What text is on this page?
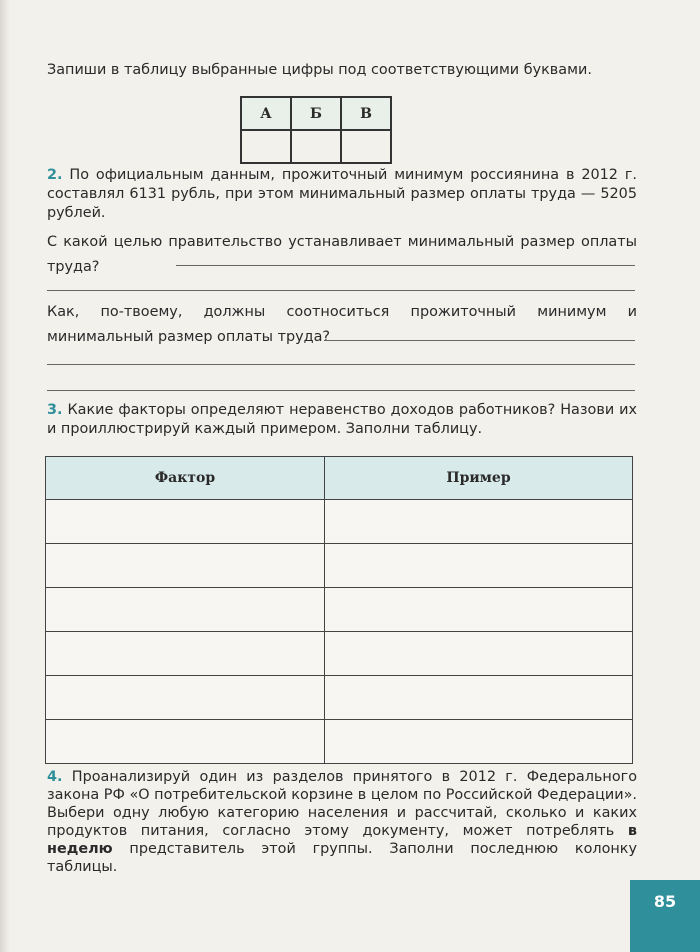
Запиши в таблицу выбранные цифры под соответствующими буквами.
А	Б	В

2. По официальным данным, прожиточный минимум россиянина в 2012 г. составлял 6131 рубль, при этом минимальный размер оплаты труда — 5205 рублей.
С какой целью правительство устанавливает минимальный размер оплаты труда?
Как, по-твоему, должны соотноситься прожиточный минимум и минимальный размер оплаты труда?
3. Какие факторы определяют неравенство доходов работников? Назови их и проиллюстрируй каждый примером. Заполни таблицу.
Фактор	Пример

4. Проанализируй один из разделов принятого в 2012 г. Федерального закона РФ «О потребительской корзине в целом по Российской Федерации». Выбери одну любую категорию населения и рассчитай, сколько и каких продуктов питания, согласно этому документу, может потреблять в неделю представитель этой группы. Заполни последнюю колонку таблицы.
85
